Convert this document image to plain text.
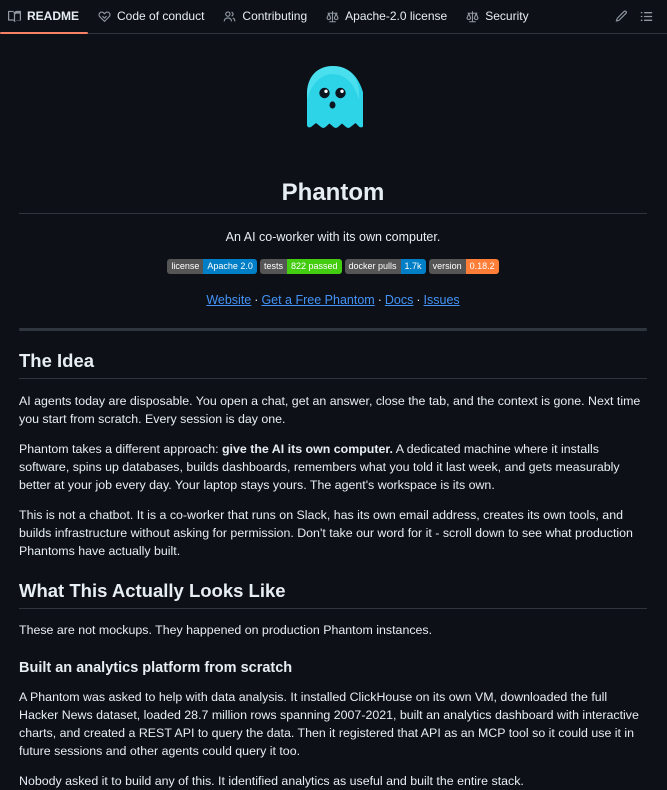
README	Code of conduct	Contributing	Apache-2.0 license	Security
Phantom

An AI co-worker with its own computer.

license Apache 2.0	tests 822 passed	docker pulls 1.7k	version 0.18.2

Website · Get a Free Phantom · Docs · Issues

The Idea

AI agents today are disposable. You open a chat, get an answer, close the tab, and the context is gone. Next time you start from scratch. Every session is day one.

Phantom takes a different approach: give the AI its own computer. A dedicated machine where it installs software, spins up databases, builds dashboards, remembers what you told it last week, and gets measurably better at your job every day. Your laptop stays yours. The agent's workspace is its own.

This is not a chatbot. It is a co-worker that runs on Slack, has its own email address, creates its own tools, and builds infrastructure without asking for permission. Don't take our word for it - scroll down to see what production Phantoms have actually built.

What This Actually Looks Like

These are not mockups. They happened on production Phantom instances.

Built an analytics platform from scratch

A Phantom was asked to help with data analysis. It installed ClickHouse on its own VM, downloaded the full Hacker News dataset, loaded 28.7 million rows spanning 2007-2021, built an analytics dashboard with interactive charts, and created a REST API to query the data. Then it registered that API as an MCP tool so it could use it in future sessions and other agents could query it too.

Nobody asked it to build any of this. It identified analytics as useful and built the entire stack.
